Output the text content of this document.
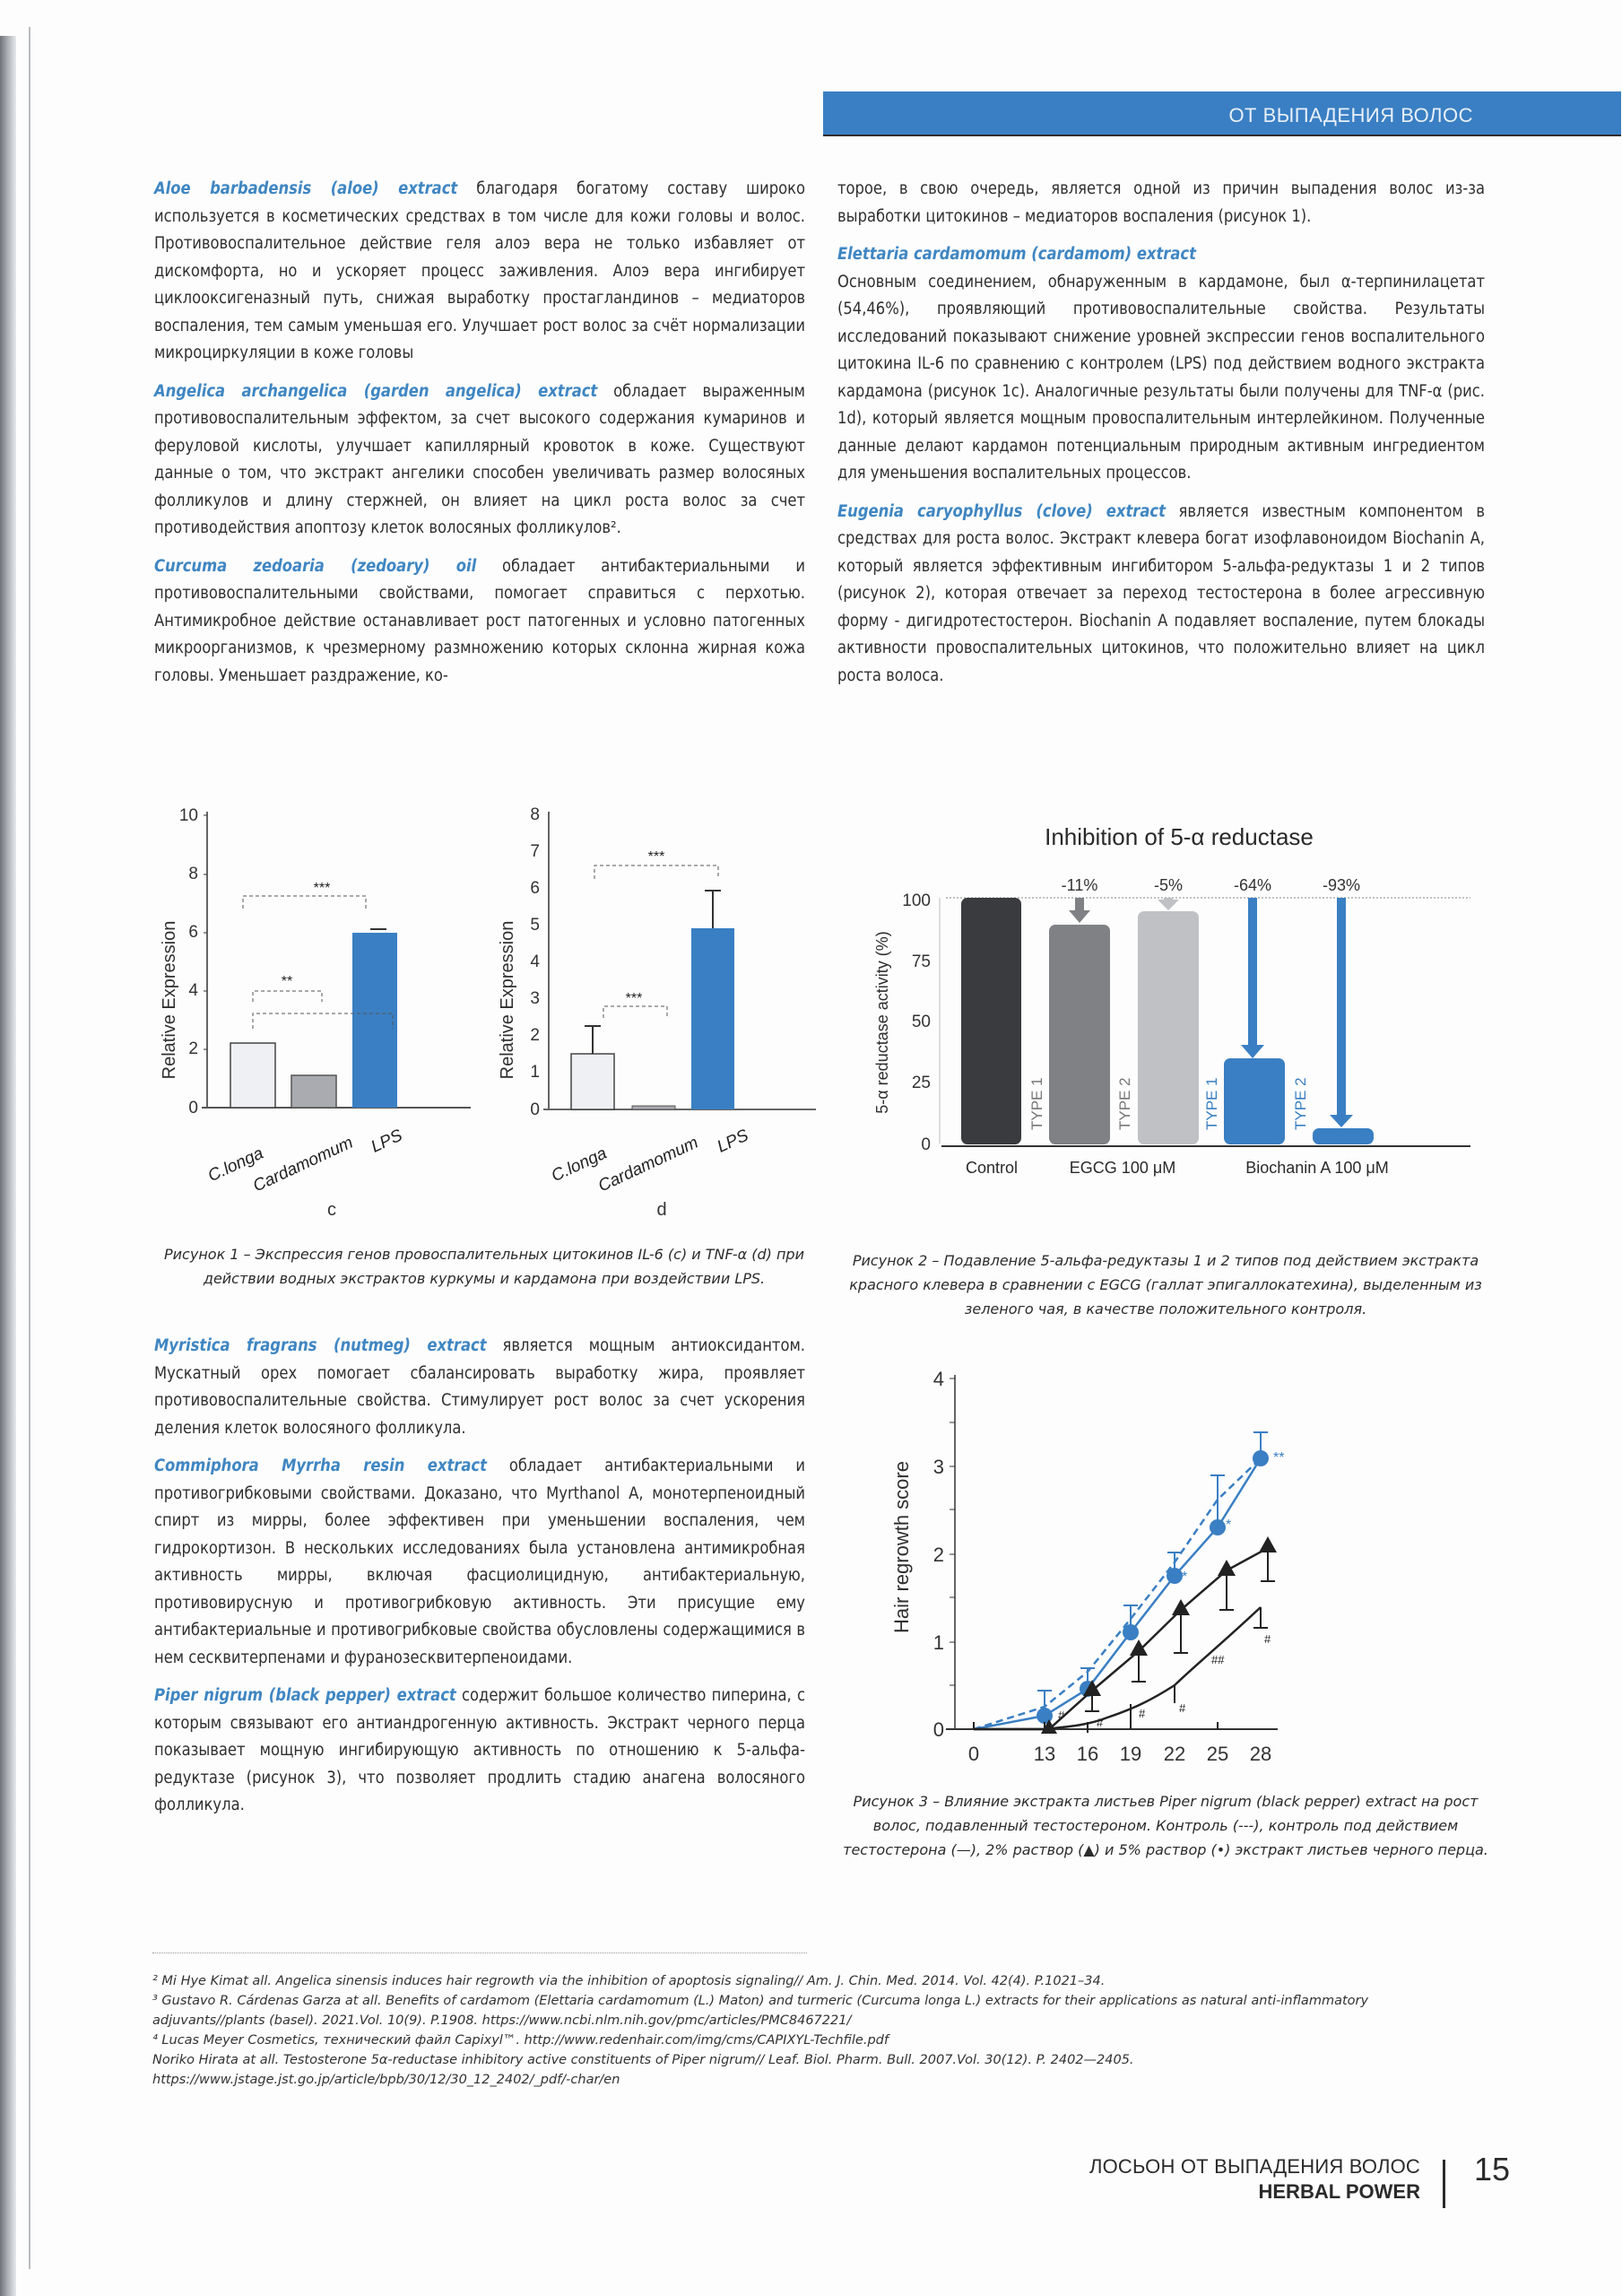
ОТ ВЫПАДЕНИЯ ВОЛОС

Aloe barbadensis (aloe) extract благодаря богатому составу широко используется в косметических средствах в том числе для кожи головы и волос. Противовоспалительное действие геля алоэ вера не только избавляет от дискомфорта, но и ускоряет процесс заживления. Алоэ вера ингибирует циклооксигеназный путь, снижая выработку простагландинов – медиаторов воспаления, тем самым уменьшая его. Улучшает рост волос за счёт нормализации микроциркуляции в коже головы

Angelica archangelica (garden angelica) extract обладает выраженным противовоспалительным эффектом, за счет высокого содержания кумаринов и феруловой кислоты, улучшает капиллярный кровоток в коже. Существуют данные о том, что экстракт ангелики способен увеличивать размер волосяных фолликулов и длину стержней, он влияет на цикл роста волос за счет противодействия апоптозу клеток волосяных фолликулов².

Curcuma zedoaria (zedoary) oil обладает антибактериальными и противовоспалительными свойствами, помогает справиться с перхотью. Антимикробное действие останавливает рост патогенных и условно патогенных микроорганизмов, к чрезмерному размножению которых склонна жирная кожа головы. Уменьшает раздражение, ко-

торое, в свою очередь, является одной из причин выпадения волос из-за выработки цитокинов – медиаторов воспаления (рисунок 1).

Elettaria cardamomum (cardamom) extract
Основным соединением, обнаруженным в кардамоне, был α-терпинилацетат (54,46%), проявляющий противовоспалительные свойства. Результаты исследований показывают снижение уровней экспрессии генов воспалительного цитокина IL-6 по сравнению с контролем (LPS) под действием водного экстракта кардамона (рисунок 1c). Аналогичные результаты были получены для TNF-α (рис. 1d), который является мощным провоспалительным интерлейкином. Полученные данные делают кардамон потенциальным природным активным ингредиентом для уменьшения воспалительных процессов.

Eugenia caryophyllus (clove) extract является известным компонентом в средствах для роста волос. Экстракт клевера богат изофлавоноидом Biochanin A, который является эффективным ингибитором 5-альфа-редуктазы 1 и 2 типов (рисунок 2), которая отвечает за переход тестостерона в более агрессивную форму - дигидротестостерон. Biochanin A подавляет воспаление, путем блокады активности провоспалительных цитокинов, что положительно влияет на цикл роста волоса.

Relative Expression
0
2
4
6
8
10
***
**
C.longa
Cardamomum LPS
c
Relative Expression
0
1
2
3
4
5
6
7
8
***
***
C.longa
Cardamomum LPS
d
Рисунок 1 – Экспрессия генов провоспалительных цитокинов IL-6 (c) и TNF-α (d) при действии водных экстрактов куркумы и кардамона при воздействии LPS.
Inhibition of 5-α reductase
5-α reductase activity (%)
100
75
50
25
0
TYPE 1	TYPE 2	TYPE 1	TYPE 2
-11%	-5%	-64%	-93%
Control	EGCG 100 μM	Biochanin A 100 μM
Рисунок 2 – Подавление 5-альфа-редуктазы 1 и 2 типов под действием экстракта красного клевера в сравнении с EGCG (галлат эпигаллокатехина), выделенным из зеленого чая, в качестве положительного контроля.
Hair regrowth score
0
1
2
3
4
0	13 16 19 22 25 28
#
#
#	#
##
#
*
*
**
Рисунок 3 – Влияние экстракта листьев Piper nigrum (black pepper) extract на рост волос, подавленный тестостероном. Контроль (---), контроль под действием тестостерона (—), 2% раствор (▲) и 5% раствор (•) экстракт листьев черного перца.

Myristica fragrans (nutmeg) extract является мощным антиоксидантом. Мускатный орех помогает сбалансировать выработку жира, проявляет противовоспалительные свойства. Стимулирует рост волос за счет ускорения деления клеток волосяного фолликула.

Commiphora Myrrha resin extract обладает антибактериальными и противогрибковыми свойствами. Доказано, что Myrthanol A, монотерпеноидный спирт из мирры, более эффективен при уменьшении воспаления, чем гидрокортизон. В нескольких исследованиях была установлена антимикробная активность мирры, включая фасциолицидную, антибактериальную, противовирусную и противогрибковую активность. Эти присущие ему антибактериальные и противогрибковые свойства обусловлены содержащимися в нем сесквитерпенами и фуранозесквитерпеноидами.

Piper nigrum (black pepper) extract содержит большое количество пиперина, с которым связывают его антиандрогенную активность. Экстракт черного перца показывает мощную ингибирующую активность по отношению к 5-альфа-редуктазе (рисунок 3), что позволяет продлить стадию анагена волосяного фолликула.

² Mi Hye Kimat all. Angelica sinensis induces hair regrowth via the inhibition of apoptosis signaling// Am. J. Chin. Med. 2014. Vol. 42(4). P.1021–34.
³ Gustavo R. Cárdenas Garza at all. Benefits of cardamom (Elettaria cardamomum (L.) Maton) and turmeric (Curcuma longa L.) extracts for their applications as natural anti-inflammatory
adjuvants//plants (basel). 2021.Vol. 10(9). P.1908. https://www.ncbi.nlm.nih.gov/pmc/articles/PMC8467221/
⁴ Lucas Meyer Cosmetics, технический файл Capixyl™. http://www.redenhair.com/img/cms/CAPIXYL-Techfile.pdf
Noriko Hirata at all. Testosterone 5α-reductase inhibitory active constituents of Piper nigrum// Leaf. Biol. Pharm. Bull. 2007.Vol. 30(12). P. 2402—2405.
https://www.jstage.jst.go.jp/article/bpb/30/12/30_12_2402/_pdf/-char/en
ЛОСЬОН ОТ ВЫПАДЕНИЯ ВОЛОС
HERBAL POWER
15
